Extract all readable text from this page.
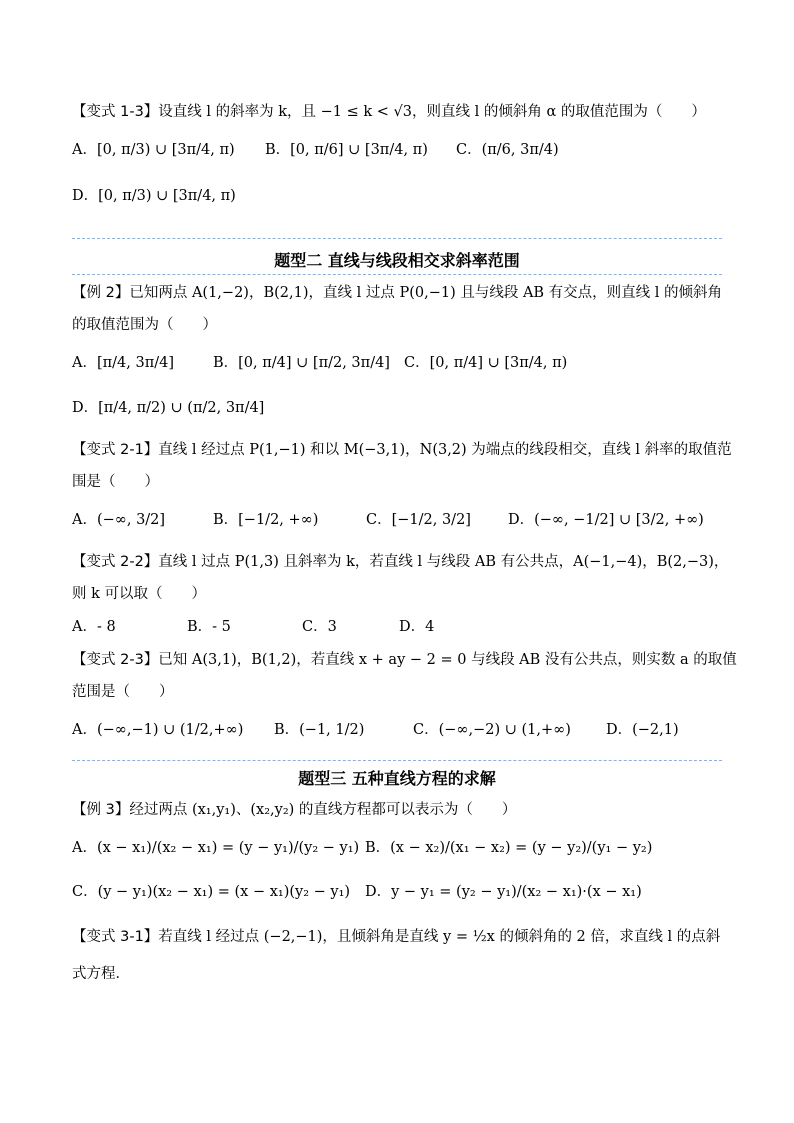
【变式 1-3】设直线 l 的斜率为 k，且 −1 ≤ k < √3，则直线 l 的倾斜角 α 的取值范围为（　　）
A．[0, π/3) ∪ [3π/4, π) B．[0, π/6] ∪ [3π/4, π) C．(π/6, 3π/4)
D．[0, π/3) ∪ [3π/4, π)
题型二 直线与线段相交求斜率范围
【例 2】已知两点 A(1,−2)，B(2,1)，直线 l 过点 P(0,−1) 且与线段 AB 有交点，则直线 l 的倾斜角
的取值范围为（　　）
A．[π/4, 3π/4]	B．[0, π/4] ∪ [π/2, 3π/4] C．[0, π/4] ∪ [3π/4, π)
D．[π/4, π/2) ∪ (π/2, 3π/4]
【变式 2-1】直线 l 经过点 P(1,−1) 和以 M(−3,1)，N(3,2) 为端点的线段相交，直线 l 斜率的取值范
围是（　　）
A．(−∞, 3/2]	B．[−1/2, +∞)	C．[−1/2, 3/2]	D．(−∞, −1/2] ∪ [3/2, +∞)
【变式 2-2】直线 l 过点 P(1,3) 且斜率为 k，若直线 l 与线段 AB 有公共点，A(−1,−4)，B(2,−3)，
则 k 可以取（　　）
A．- 8	B．- 5	C．3	D．4
【变式 2-3】已知 A(3,1)，B(1,2)，若直线 x + ay − 2 = 0 与线段 AB 没有公共点，则实数 a 的取值
范围是（　　）
A．(−∞,−1) ∪ (1/2,+∞) B．(−1, 1/2)	C．(−∞,−2) ∪ (1,+∞) D．(−2,1)
题型三 五种直线方程的求解
【例 3】经过两点 (x₁,y₁)、(x₂,y₂) 的直线方程都可以表示为（　　）
A．(x − x₁)/(x₂ − x₁) = (y − y₁)/(y₂ − y₁) B．(x − x₂)/(x₁ − x₂) = (y − y₂)/(y₁ − y₂)
C．(y − y₁)(x₂ − x₁) = (x − x₁)(y₂ − y₁) D．y − y₁ = (y₂ − y₁)/(x₂ − x₁)·(x − x₁)
【变式 3-1】若直线 l 经过点 (−2,−1)，且倾斜角是直线 y = ½x 的倾斜角的 2 倍，求直线 l 的点斜
式方程．
